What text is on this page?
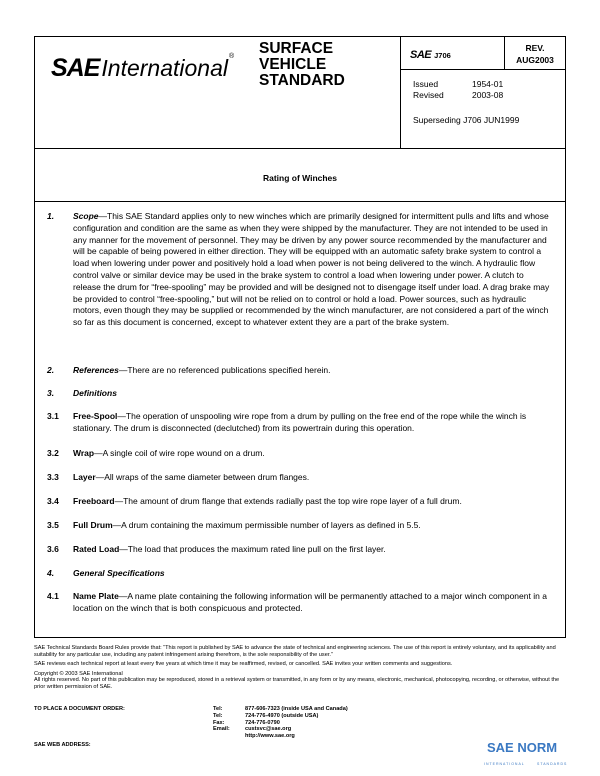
SAE International ® SURFACE
VEHICLE
STANDARD
SAE J706
REV.
AUG2003
Issued	1954-01
Revised	2003-08
Superseding J706 JUN1999
Rating of Winches
1. Scope—This SAE Standard applies only to new winches which are primarily designed for intermittent pulls and lifts and whose configuration and condition are the same as when they were shipped by the manufacturer. They are not intended to be used in any manner for the movement of personnel. They may be driven by any power source recommended by the manufacturer and will be capable of being powered in either direction. They will be equipped with an automatic safety brake system to control a load when lowering under power and positively hold a load when power is not being delivered to the winch. A hydraulic flow control valve or similar device may be used in the brake system to control a load when lowering under power. A clutch to release the drum for “free-spooling” may be provided and will be designed not to disengage itself under load. A drag brake may be provided to control “free-spooling,” but will not be relied on to control or hold a load. Power sources, such as hydraulic motors, even though they may be supplied or recommended by the winch manufacturer, are not considered a part of the winch so far as this document is concerned, except to whatever extent they are a part of the brake system.
2. References—There are no referenced publications specified herein.
3. Definitions
3.1 Free-Spool—The operation of unspooling wire rope from a drum by pulling on the free end of the rope while the winch is stationary. The drum is disconnected (declutched) from its powertrain during this operation.
3.2 Wrap—A single coil of wire rope wound on a drum.
3.3 Layer—All wraps of the same diameter between drum flanges.
3.4 Freeboard—The amount of drum flange that extends radially past the top wire rope layer of a full drum.
3.5 Full Drum—A drum containing the maximum permissible number of layers as defined in 5.5.
3.6 Rated Load—The load that produces the maximum rated line pull on the first layer.
4. General Specifications
4.1 Name Plate—A name plate containing the following information will be permanently attached to a major winch component in a location on the winch that is both conspicuous and protected.

SAE Technical Standards Board Rules provide that: “This report is published by SAE to advance the state of technical and engineering sciences. The use of this report is entirely voluntary, and its applicability and suitability for any particular use, including any patent infringement arising therefrom, is the sole responsibility of the user.”

SAE reviews each technical report at least every five years at which time it may be reaffirmed, revised, or cancelled. SAE invites your written comments and suggestions.

Copyright © 2003 SAE International
All rights reserved. No part of this publication may be reproduced, stored in a retrieval system or transmitted, in any form or by any means, electronic, mechanical, photocopying, recording, or otherwise, without the prior written permission of SAE.

TO PLACE A DOCUMENT ORDER:
SAE WEB ADDRESS:
Tel:	877-606-7323 (inside USA and Canada)
Tel:	724-776-4970 (outside USA)
Fax:	724-776-0790
Email:	custsvc@sae.org
http://www.sae.org
SAE NORM
INTERNATIONAL	STANDARDS
